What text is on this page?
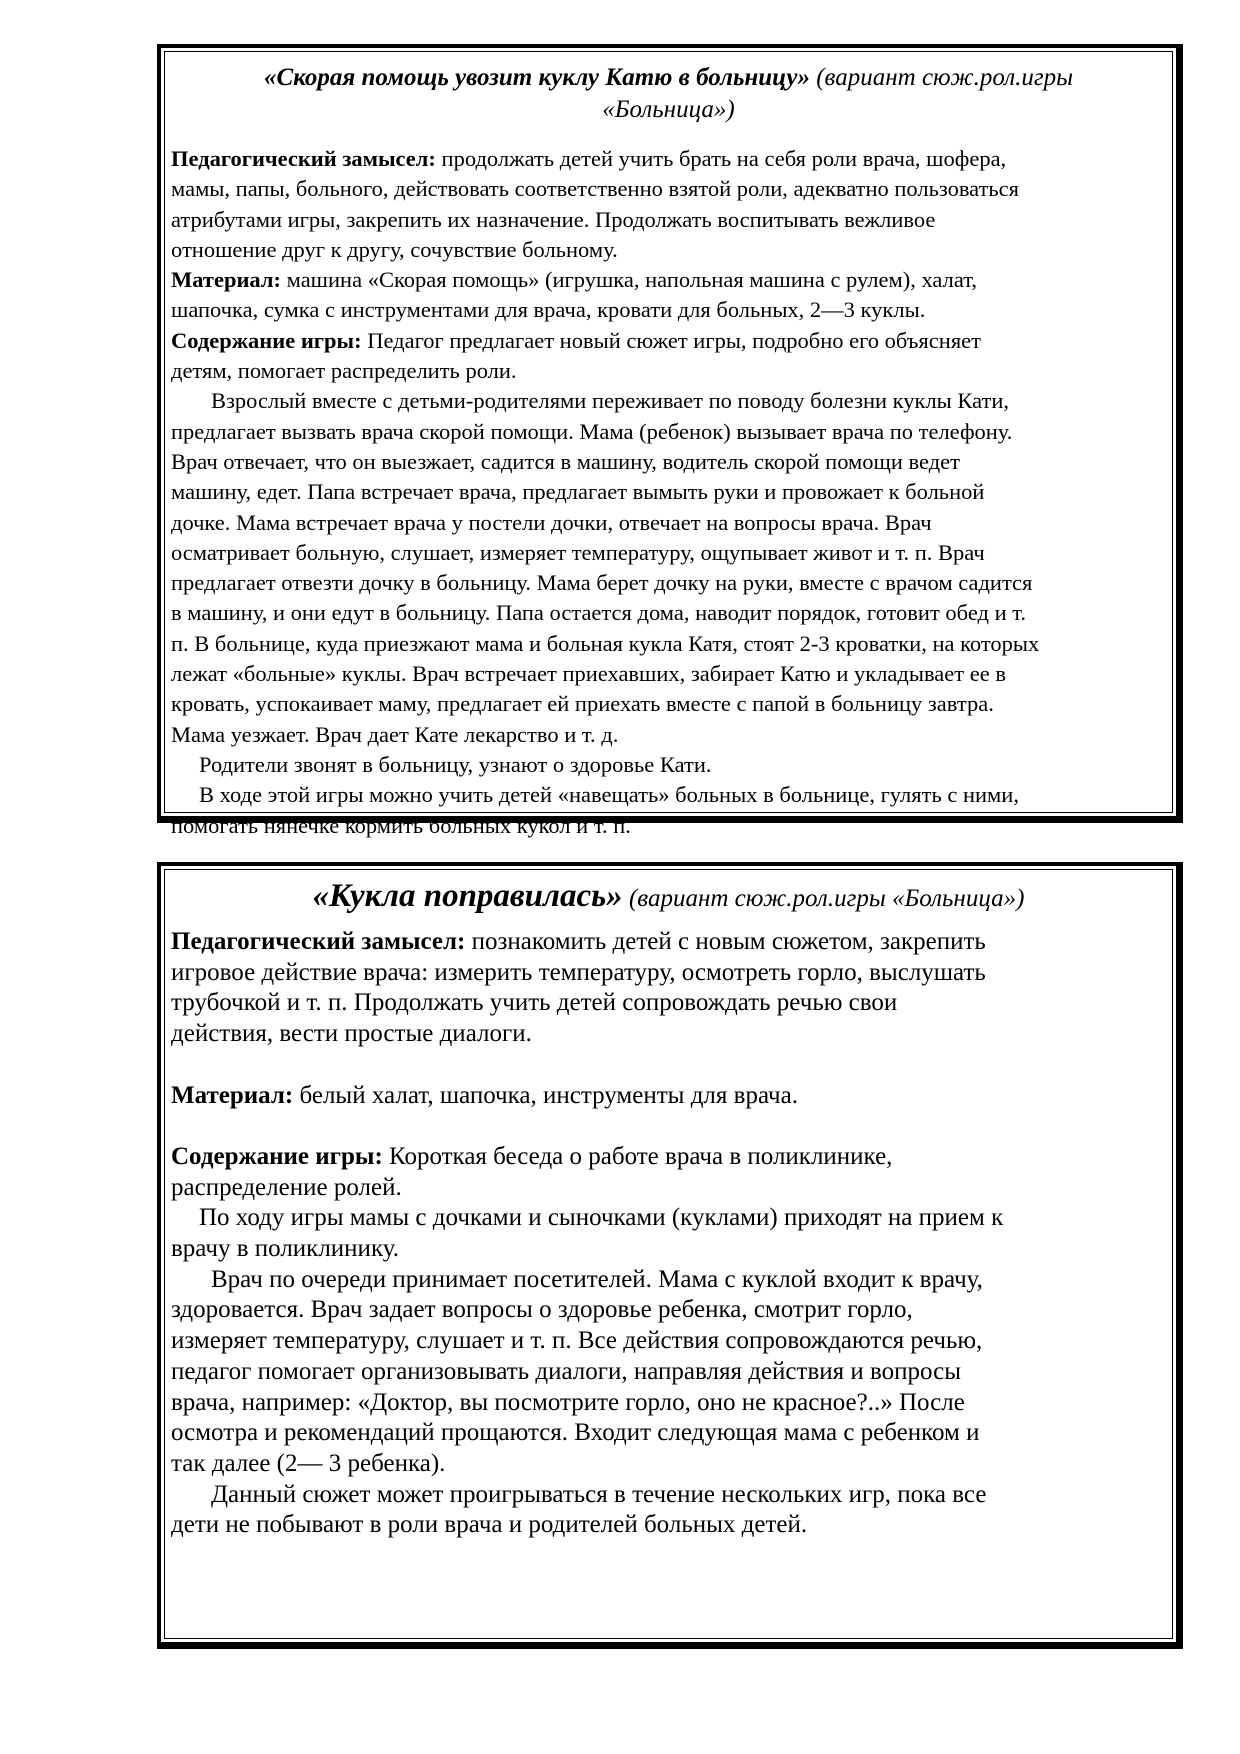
«Скорая помощь увозит куклу Катю в больницу» (вариант сюж.рол.игры
«Больница»)
Педагогический замысел: продолжать детей учить брать на себя роли врача, шофера,
мамы, папы, больного, действовать соответственно взятой роли, адекватно пользоваться
атрибутами игры, закрепить их назначение. Продолжать воспитывать вежливое
отношение друг к другу, сочувствие больному.
Материал: машина «Скорая помощь» (игрушка, напольная машина с рулем), халат,
шапочка, сумка с инструментами для врача, кровати для больных, 2—3 куклы.
Содержание игры: Педагог предлагает новый сюжет игры, подробно его объясняет
детям, помогает распределить роли.
Взрослый вместе с детьми-родителями переживает по поводу болезни куклы Кати,
предлагает вызвать врача скорой помощи. Мама (ребенок) вызывает врача по телефону.
Врач отвечает, что он выезжает, садится в машину, водитель скорой помощи ведет
машину, едет. Папа встречает врача, предлагает вымыть руки и провожает к больной
дочке. Мама встречает врача у постели дочки, отвечает на вопросы врача. Врач
осматривает больную, слушает, измеряет температуру, ощупывает живот и т. п. Врач
предлагает отвезти дочку в больницу. Мама берет дочку на руки, вместе с врачом садится
в машину, и они едут в больницу. Папа остается дома, наводит порядок, готовит обед и т.
п. В больнице, куда приезжают мама и больная кукла Катя, стоят 2-3 кроватки, на которых
лежат «больные» куклы. Врач встречает приехавших, забирает Катю и укладывает ее в
кровать, успокаивает маму, предлагает ей приехать вместе с папой в больницу завтра.
Мама уезжает. Врач дает Кате лекарство и т. д.
Родители звонят в больницу, узнают о здоровье Кати.
В ходе этой игры можно учить детей «навещать» больных в больнице, гулять с ними,
помогать нянечке кормить больных кукол и т. п.
«Кукла поправилась» (вариант сюж.рол.игры «Больница»)
Педагогический замысел: познакомить детей с новым сюжетом, закрепить
игровое действие врача: измерить температуру, осмотреть горло, выслушать
трубочкой и т. п. Продолжать учить детей сопровождать речью свои
действия, вести простые диалоги.
Материал: белый халат, шапочка, инструменты для врача.
Содержание игры: Короткая беседа о работе врача в поликлинике,
распределение ролей.
По ходу игры мамы с дочками и сыночками (куклами) приходят на прием к
врачу в поликлинику.
Врач по очереди принимает посетителей. Мама с куклой входит к врачу,
здоровается. Врач задает вопросы о здоровье ребенка, смотрит горло,
измеряет температуру, слушает и т. п. Все действия сопровождаются речью,
педагог помогает организовывать диалоги, направляя действия и вопросы
врача, например: «Доктор, вы посмотрите горло, оно не красное?..» После
осмотра и рекомендаций прощаются. Входит следующая мама с ребенком и
так далее (2— 3 ребенка).
Данный сюжет может проигрываться в течение нескольких игр, пока все
дети не побывают в роли врача и родителей больных детей.
